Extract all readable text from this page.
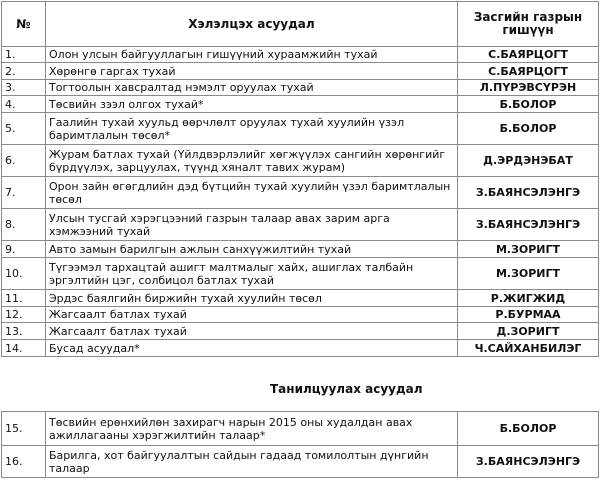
№	Хэлэлцэх асуудал	Засгийн газрын гишүүн
1.	Олон улсын байгууллагын гишүүний хураамжийн тухай	С.БАЯРЦОГТ
2.	Хөрөнгө гаргах тухай	С.БАЯРЦОГТ
3.	Тогтоолын хавсралтад нэмэлт оруулах тухай	Л.ПҮРЭВСҮРЭН
4.	Төсвийн зээл олгох тухай*	Б.БОЛОР
5.	Гаалийн тухай хуульд өөрчлөлт оруулах тухай хуулийн үзэл баримтлалын төсөл*	Б.БОЛОР
6.	Журам батлах тухай (Үйлдвэрлэлийг хөгжүүлэх сангийн хөрөнгийг бүрдүүлэх, зарцуулах, түүнд хяналт тавих журам)	Д.ЭРДЭНЭБАТ
7.	Орон зайн өгөгдлийн дэд бүтцийн тухай хуулийн үзэл баримтлалын төсөл	З.БАЯНСЭЛЭНГЭ
8.	Улсын тусгай хэрэгцээний газрын талаар авах зарим арга хэмжээний тухай	З.БАЯНСЭЛЭНГЭ
9.	Авто замын барилгын ажлын санхүүжилтийн тухай	М.ЗОРИГТ
10.	Түгээмэл тархацтай ашигт малтмалыг хайх, ашиглах талбайн эргэлтийн цэг, солбицол батлах тухай	М.ЗОРИГТ
11.	Эрдэс баялгийн биржийн тухай хуулийн төсөл	Р.ЖИГЖИД
12.	Жагсаалт батлах тухай	Р.БУРМАА
13.	Жагсаалт батлах тухай	Д.ЗОРИГТ
14.	Бусад асуудал*	Ч.САЙХАНБИЛЭГ
Танилцуулах асуудал
15.	Төсвийн ерөнхийлөн захирагч нарын 2015 оны худалдан авах ажиллагааны хэрэгжилтийн талаар*	Б.БОЛОР
16.	Барилга, хот байгуулалтын сайдын гадаад томилолтын дүнгийн талаар	З.БАЯНСЭЛЭНГЭ
